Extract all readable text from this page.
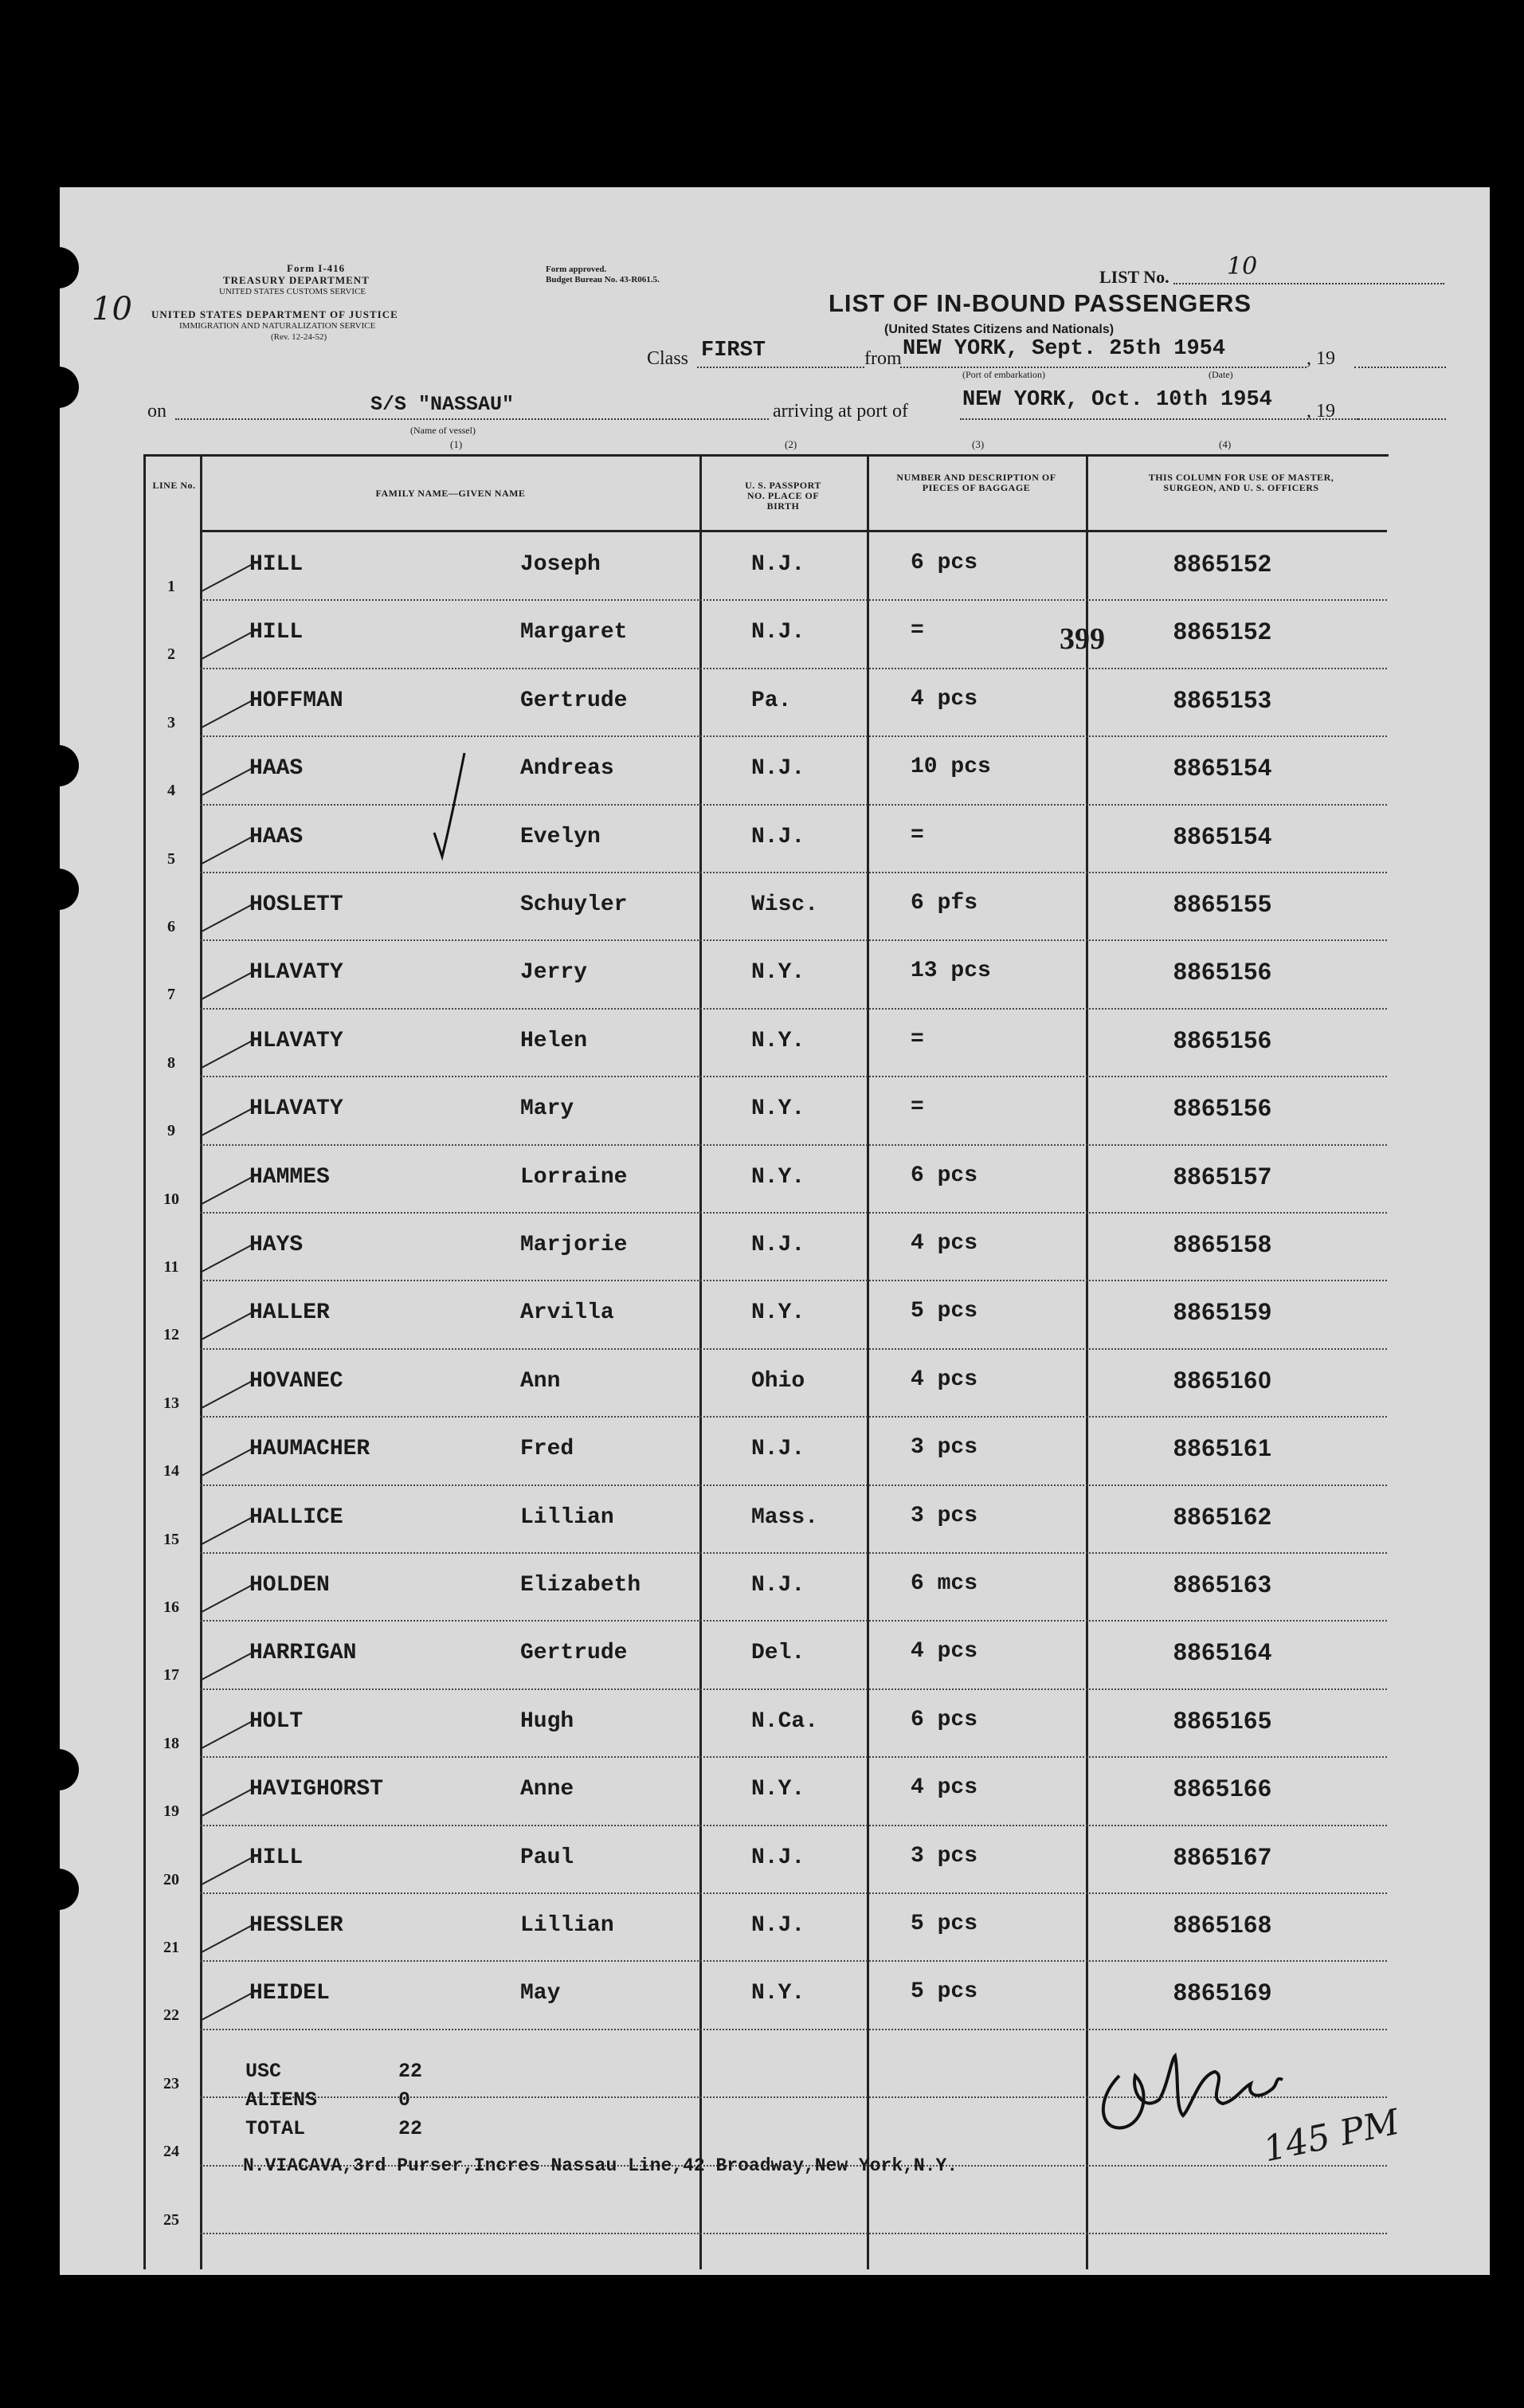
10
Form I-416
TREASURY DEPARTMENT
UNITED STATES CUSTOMS SERVICE
UNITED STATES DEPARTMENT OF JUSTICE
IMMIGRATION AND NATURALIZATION SERVICE
(Rev. 12-24-52)
Form approved.
Budget Bureau No. 43-R061.5.	LIST No. 10
LIST OF IN-BOUND PASSENGERS
(United States Citizens and Nationals)
Class FIRST	from NEW YORK, Sept. 25th 1954	, 19
(Port of embarkation)	(Date)
on	S/S "NASSAU"
(Name of vessel)
arriving at port of	NEW YORK, Oct. 10th 1954 , 19
(1)	(2)	(3)	(4)
LINE No.
FAMILY NAME—GIVEN NAME
U. S. PASSPORT NO. PLACE OF BIRTH
NUMBER AND DESCRIPTION OF PIECES OF BAGGAGE
THIS COLUMN FOR USE OF MASTER, SURGEON, AND U. S. OFFICERS
1
HILL	Joseph	N.J.	6 pcs	8865152
2
HILL	Margaret	N.J.	=	8865152
3
HOFFMAN	Gertrude	Pa.	4 pcs	8865153
4
HAAS	Andreas	N.J.	10 pcs	8865154
5
HAAS	Evelyn	N.J.	=	8865154
6
HOSLETT	Schuyler	Wisc.	6 pfs	8865155
7
HLAVATY	Jerry	N.Y.	13 pcs	8865156
8
HLAVATY	Helen	N.Y.	=	8865156
9
HLAVATY	Mary	N.Y.	=	8865156
10
HAMMES	Lorraine	N.Y.	6 pcs	8865157
11
HAYS	Marjorie	N.J.	4 pcs	8865158
12
HALLER	Arvilla	N.Y.	5 pcs	8865159
13
HOVANEC	Ann	Ohio	4 pcs	8865160
14
HAUMACHER	Fred	N.J.	3 pcs	8865161
15
HALLICE	Lillian	Mass.	3 pcs	8865162
16
HOLDEN	Elizabeth	N.J.	6 mcs	8865163
17
HARRIGAN	Gertrude	Del.	4 pcs	8865164
18
HOLT	Hugh	N.Ca.	6 pcs	8865165
19
HAVIGHORST	Anne	N.Y.	4 pcs	8865166
20
HILL	Paul	N.J.	3 pcs	8865167
21
HESSLER	Lillian	N.J.	5 pcs	8865168
22
HEIDEL	May	N.Y.	5 pcs	8865169
23
24
25
399
USC	22
ALIENS	0
TOTAL	22
N.VIACAVA,3rd Purser,Incres Nassau Line,42 Broadway,New York,N.Y.	145 PM
